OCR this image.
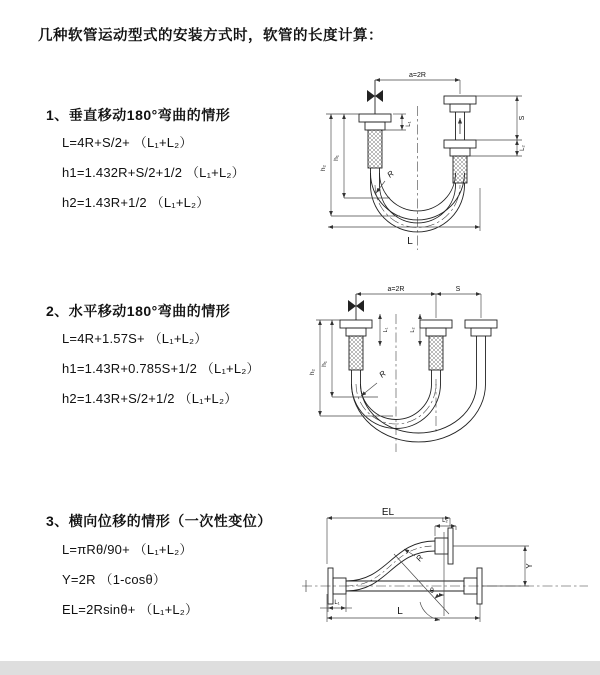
几种软管运动型式的安装方式时，软管的长度计算：
1、垂直移动180°弯曲的情形
L=4R+S/2+ （L₁+L₂）
h1=1.432R+S/2+1/2 （L₁+L₂）
h2=1.43R+1/2 （L₁+L₂）
2、水平移动180°弯曲的情形
L=4R+1.57S+ （L₁+L₂）
h1=1.43R+0.785S+1/2 （L₁+L₂）
h2=1.43R+S/2+1/2 （L₁+L₂）
3、横向位移的情形（一次性变位）
L=πRθ/90+ （L₁+L₂）
Y=2R （1-cosθ）
EL=2Rsinθ+ （L₁+L₂）
a=2R
L₁
S
L₂
h₁
h₂
R
L
a=2R	S
L₁	L₂
h₁
h₂	R
EL
L₂
Y
R
θ
L
L₁
